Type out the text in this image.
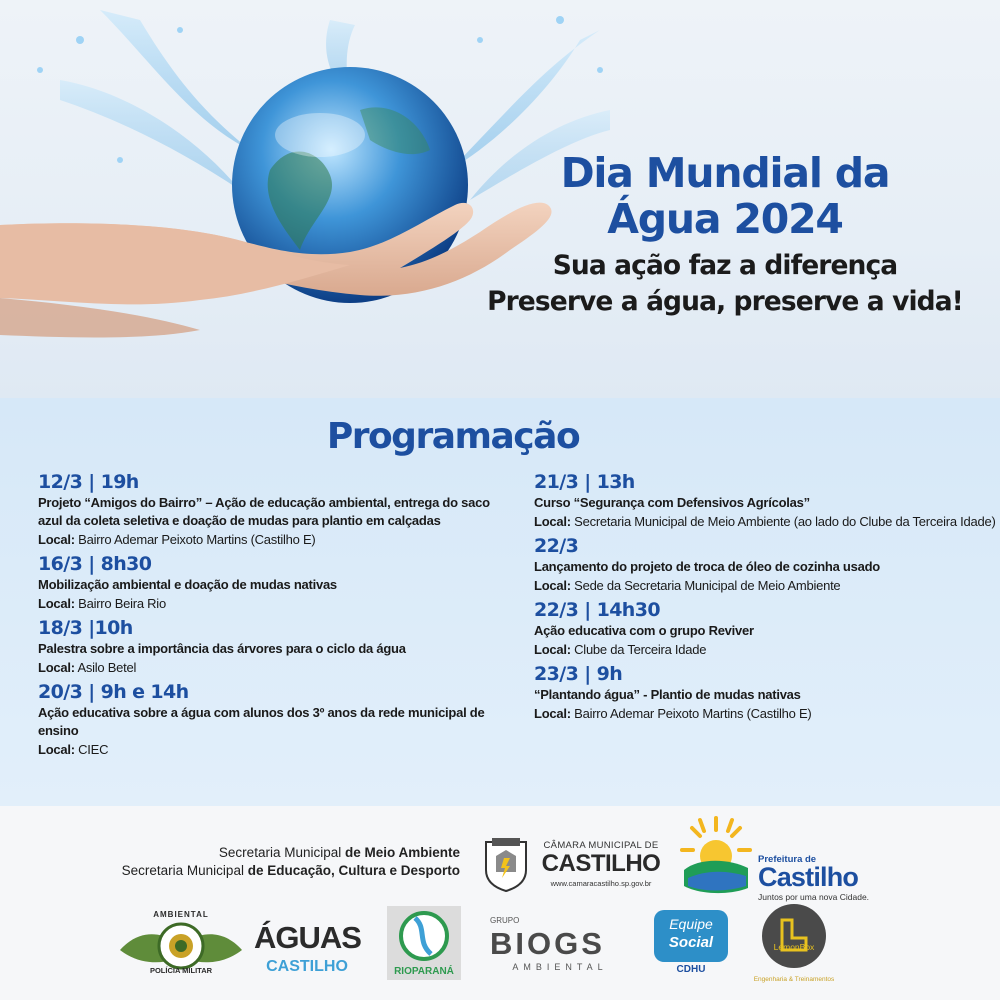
Dia Mundial da
Água 2024
Sua ação faz a diferença
Preserve a água, preserve a vida!
Programação
12/3 | 19h
Projeto “Amigos do Bairro” – Ação de educação ambiental, entrega do saco
azul da coleta seletiva e doação de mudas para plantio em calçadas
Local: Bairro Ademar Peixoto Martins (Castilho E)
16/3 | 8h30
Mobilização ambiental e doação de mudas nativas
Local: Bairro Beira Rio
18/3 |10h
Palestra sobre a importância das árvores para o ciclo da água
Local: Asilo Betel
20/3 | 9h e 14h
Ação educativa sobre a água com alunos dos 3º anos da rede municipal de ensino
Local: CIEC
21/3 | 13h
Curso “Segurança com Defensivos Agrícolas”
Local: Secretaria Municipal de Meio Ambiente (ao lado do Clube da Terceira Idade)
22/3
Lançamento do projeto de troca de óleo de cozinha usado
Local: Sede da Secretaria Municipal de Meio Ambiente
22/3 | 14h30
Ação educativa com o grupo Reviver
Local: Clube da Terceira Idade
23/3 | 9h
“Plantando água” - Plantio de mudas nativas
Local: Bairro Ademar Peixoto Martins (Castilho E)
Secretaria Municipal de Meio Ambiente
Secretaria Municipal de Educação, Cultura e Desporto
CÂMARA MUNICIPAL DE
CASTILHO
www.camaracastilho.sp.gov.br
Prefeitura de
Castilho
Juntos por uma nova Cidade.
AMBIENTAL
POLÍCIA MILITAR
ÁGUAS
CASTILHO	RIOPARANÁ
GRUPO
BIOGS
AMBIENTAL
Equipe
Social
CDHU
LemonBox
Engenharia & Treinamentos
